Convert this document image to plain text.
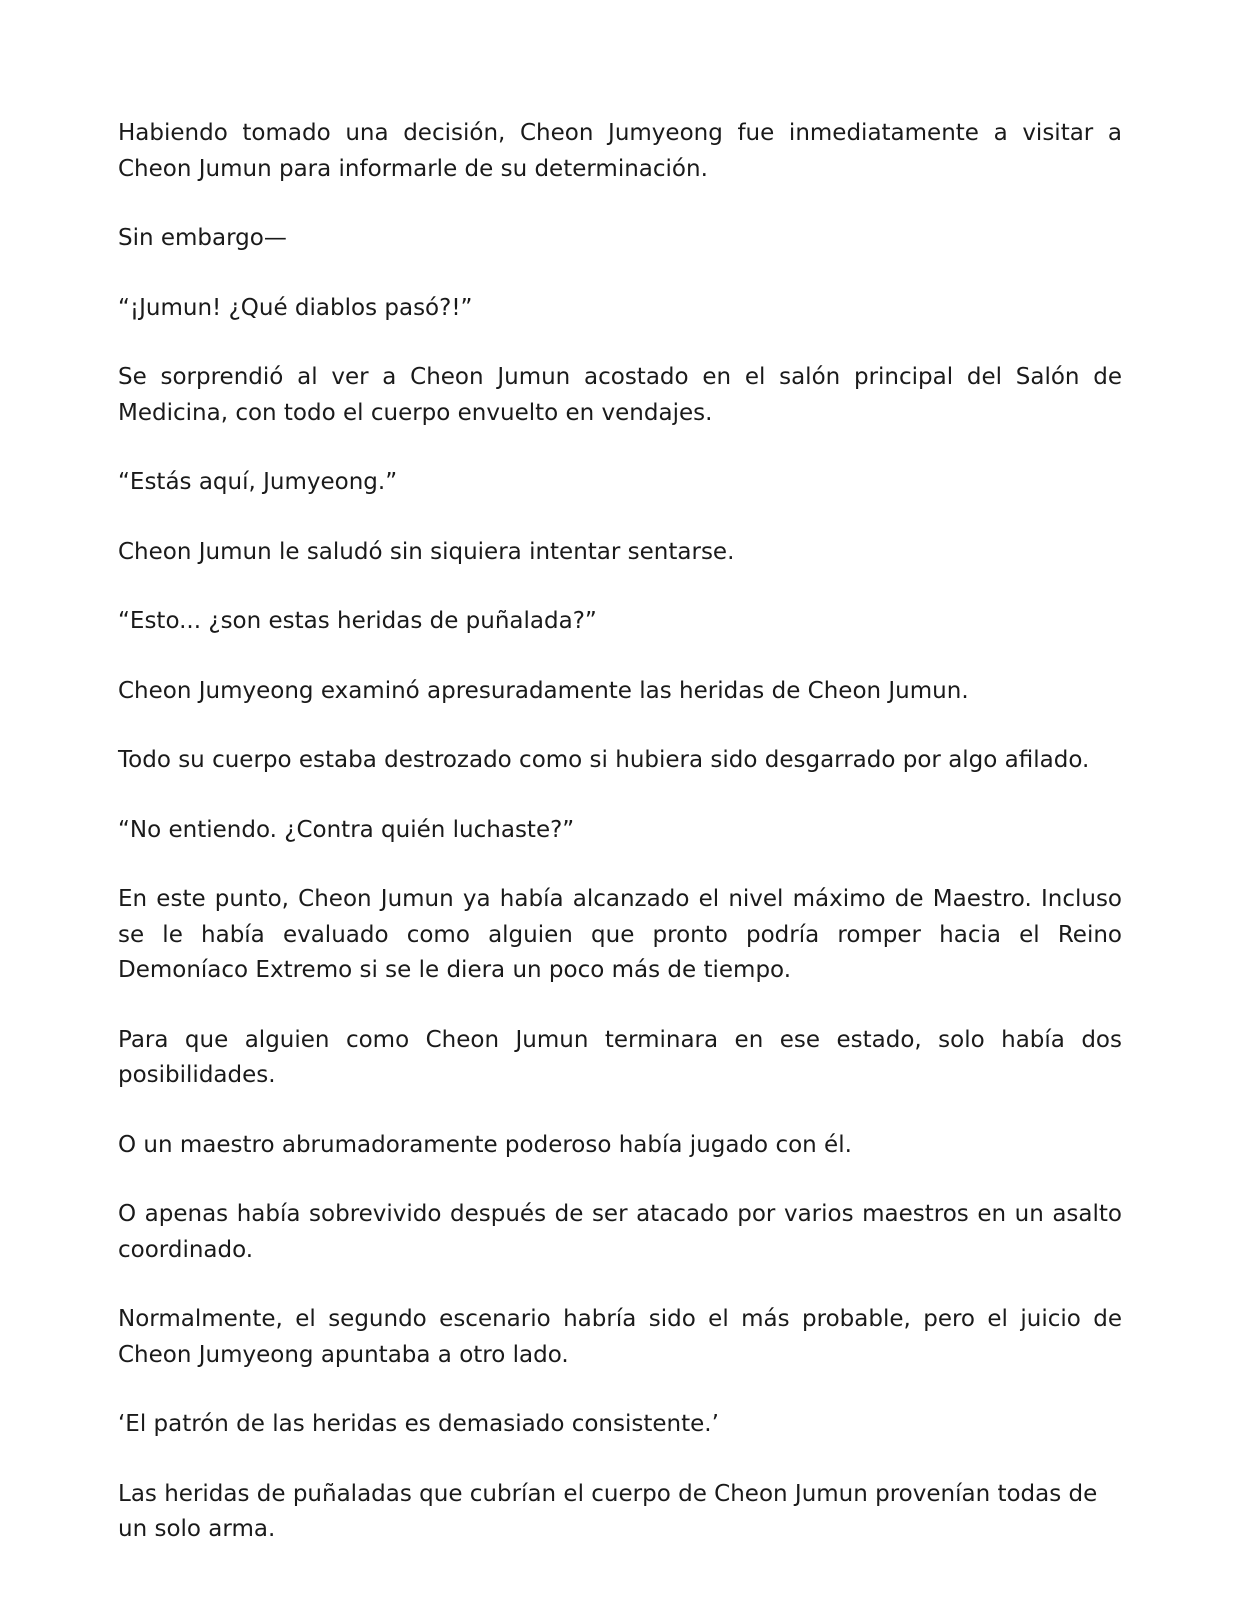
Habiendo tomado una decisión, Cheon Jumyeong fue inmediatamente a visitar a Cheon Jumun para informarle de su determinación.

Sin embargo—

“¡Jumun! ¿Qué diablos pasó?!”

Se sorprendió al ver a Cheon Jumun acostado en el salón principal del Salón de Medicina, con todo el cuerpo envuelto en vendajes.

“Estás aquí, Jumyeong.”

Cheon Jumun le saludó sin siquiera intentar sentarse.

“Esto... ¿son estas heridas de puñalada?”

Cheon Jumyeong examinó apresuradamente las heridas de Cheon Jumun.

Todo su cuerpo estaba destrozado como si hubiera sido desgarrado por algo afilado.

“No entiendo. ¿Contra quién luchaste?”

En este punto, Cheon Jumun ya había alcanzado el nivel máximo de Maestro. Incluso se le había evaluado como alguien que pronto podría romper hacia el Reino Demoníaco Extremo si se le diera un poco más de tiempo.

Para que alguien como Cheon Jumun terminara en ese estado, solo había dos posibilidades.

O un maestro abrumadoramente poderoso había jugado con él.

O apenas había sobrevivido después de ser atacado por varios maestros en un asalto coordinado.

Normalmente, el segundo escenario habría sido el más probable, pero el juicio de Cheon Jumyeong apuntaba a otro lado.

‘El patrón de las heridas es demasiado consistente.’

Las heridas de puñaladas que cubrían el cuerpo de Cheon Jumun provenían todas de un solo arma.
